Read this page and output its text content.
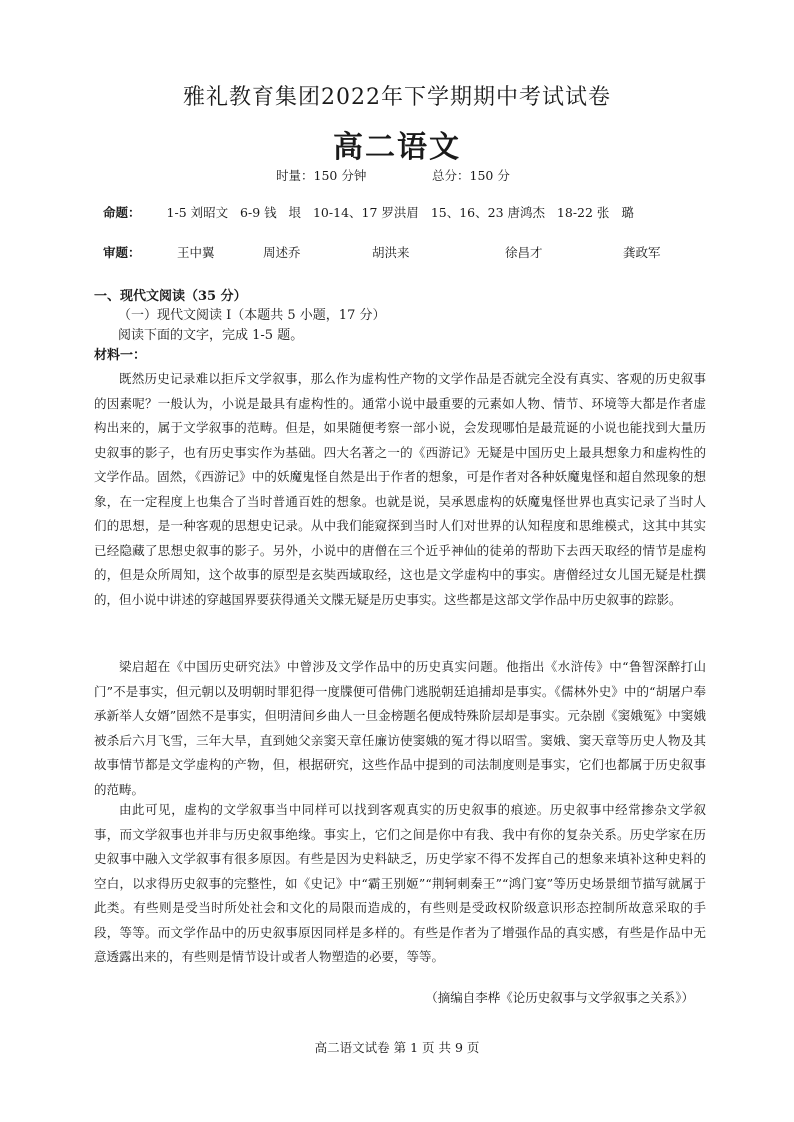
雅礼教育集团2022年下学期期中考试试卷
高二语文
时量：150 分钟	总分：150 分
命题： 1-5 刘昭文   6-9 钱   垠   10-14、17 罗洪眉   15、16、23 唐鸿杰   18-22 张   璐
审题：	王中翼	周述乔	胡洪来	徐昌才	龚政军
一、现代文阅读（35 分）
（一）现代文阅读 I（本题共 5 小题，17 分）
阅读下面的文字，完成 1-5 题。
材料一：

既然历史记录难以拒斥文学叙事，那么作为虚构性产物的文学作品是否就完全没有真实、客观的历史叙事的因素呢？一般认为，小说是最具有虚构性的。通常小说中最重要的元素如人物、情节、环境等大都是作者虚构出来的，属于文学叙事的范畴。但是，如果随便考察一部小说，会发现哪怕是最荒诞的小说也能找到大量历史叙事的影子，也有历史事实作为基础。四大名著之一的《西游记》无疑是中国历史上最具想象力和虚构性的文学作品。固然，《西游记》中的妖魔鬼怪自然是出于作者的想象，可是作者对各种妖魔鬼怪和超自然现象的想象，在一定程度上也集合了当时普通百姓的想象。也就是说，吴承恩虚构的妖魔鬼怪世界也真实记录了当时人们的思想，是一种客观的思想史记录。从中我们能窥探到当时人们对世界的认知程度和思维模式，这其中其实已经隐藏了思想史叙事的影子。另外，小说中的唐僧在三个近乎神仙的徒弟的帮助下去西天取经的情节是虚构的，但是众所周知，这个故事的原型是玄奘西域取经，这也是文学虚构中的事实。唐僧经过女儿国无疑是杜撰的，但小说中讲述的穿越国界要获得通关文牒无疑是历史事实。这些都是这部文学作品中历史叙事的踪影。

梁启超在《中国历史研究法》中曾涉及文学作品中的历史真实问题。他指出《水浒传》中“鲁智深醉打山门”不是事实，但元朝以及明朝时罪犯得一度牒便可借佛门逃脱朝廷追捕却是事实。《儒林外史》中的“胡屠户奉承新举人女婿”固然不是事实，但明清间乡曲人一旦金榜题名便成特殊阶层却是事实。元杂剧《窦娥冤》中窦娥被杀后六月飞雪，三年大旱，直到她父亲窦天章任廉访使窦娥的冤才得以昭雪。窦娥、窦天章等历史人物及其故事情节都是文学虚构的产物，但，根据研究，这些作品中提到的司法制度则是事实，它们也都属于历史叙事的范畴。

由此可见，虚构的文学叙事当中同样可以找到客观真实的历史叙事的痕迹。历史叙事中经常掺杂文学叙事，而文学叙事也并非与历史叙事绝缘。事实上，它们之间是你中有我、我中有你的复杂关系。历史学家在历史叙事中融入文学叙事有很多原因。有些是因为史料缺乏，历史学家不得不发挥自己的想象来填补这种史料的空白，以求得历史叙事的完整性，如《史记》中“霸王别姬”“荆轲刺秦王”“鸿门宴”等历史场景细节描写就属于此类。有些则是受当时所处社会和文化的局限而造成的，有些则是受政权阶级意识形态控制所故意采取的手段，等等。而文学作品中的历史叙事原因同样是多样的。有些是作者为了增强作品的真实感，有些是作品中无意透露出来的，有些则是情节设计或者人物塑造的必要，等等。

（摘编自李桦《论历史叙事与文学叙事之关系》）
高二语文试卷 第 1 页 共 9 页
